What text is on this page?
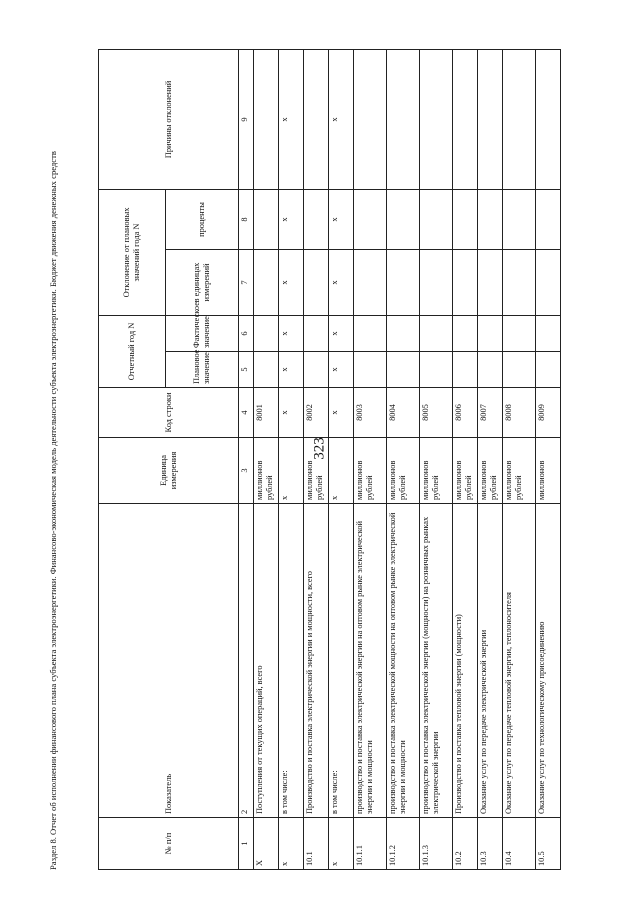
323
Раздел 8. Отчет об исполнении финансового плана субъекта электроэнергетики. Финансово-экономическая модель деятельности субъекта электроэнергетики. Бюджет движения денежных средств	№ п/п	Показатель	Единица измерения	Код строки	Отчетный год N		Отклонение от плановых значений года N		Причины отклонений
						в единицах измерений	проценты	
				Плановое значение	Фактическое значение			
1	2	3	4	5	6	7	8	9
X	Поступления от текущих операций, всего	миллионов рублей	8001					
x	в том числе:	x	x	x	x	x	x	x
10.1	Производство и поставка электрической энергии и мощности, всего	миллионов рублей	8002					
x	в том числе:	x	x	x	x	x	x	x
10.1.1	производство и поставка электрической энергии на оптовом рынке электрической энергии и мощности	миллионов рублей	8003					
10.1.2	производство и поставка электрической мощности на оптовом рынке электрической энергии и мощности	миллионов рублей	8004					
10.1.3	производство и поставка электрической энергии (мощности) на розничных рынках электрической энергии	миллионов рублей	8005					
10.2	Производство и поставка тепловой энергии (мощности)	миллионов рублей	8006					
10.3	Оказание услуг по передаче электрической энергии	миллионов рублей	8007					
10.4	Оказание услуг по передаче тепловой энергии, теплоносителя	миллионов рублей	8008					
10.5	Оказание услуг по технологическому присоединению	миллионов	8009					
